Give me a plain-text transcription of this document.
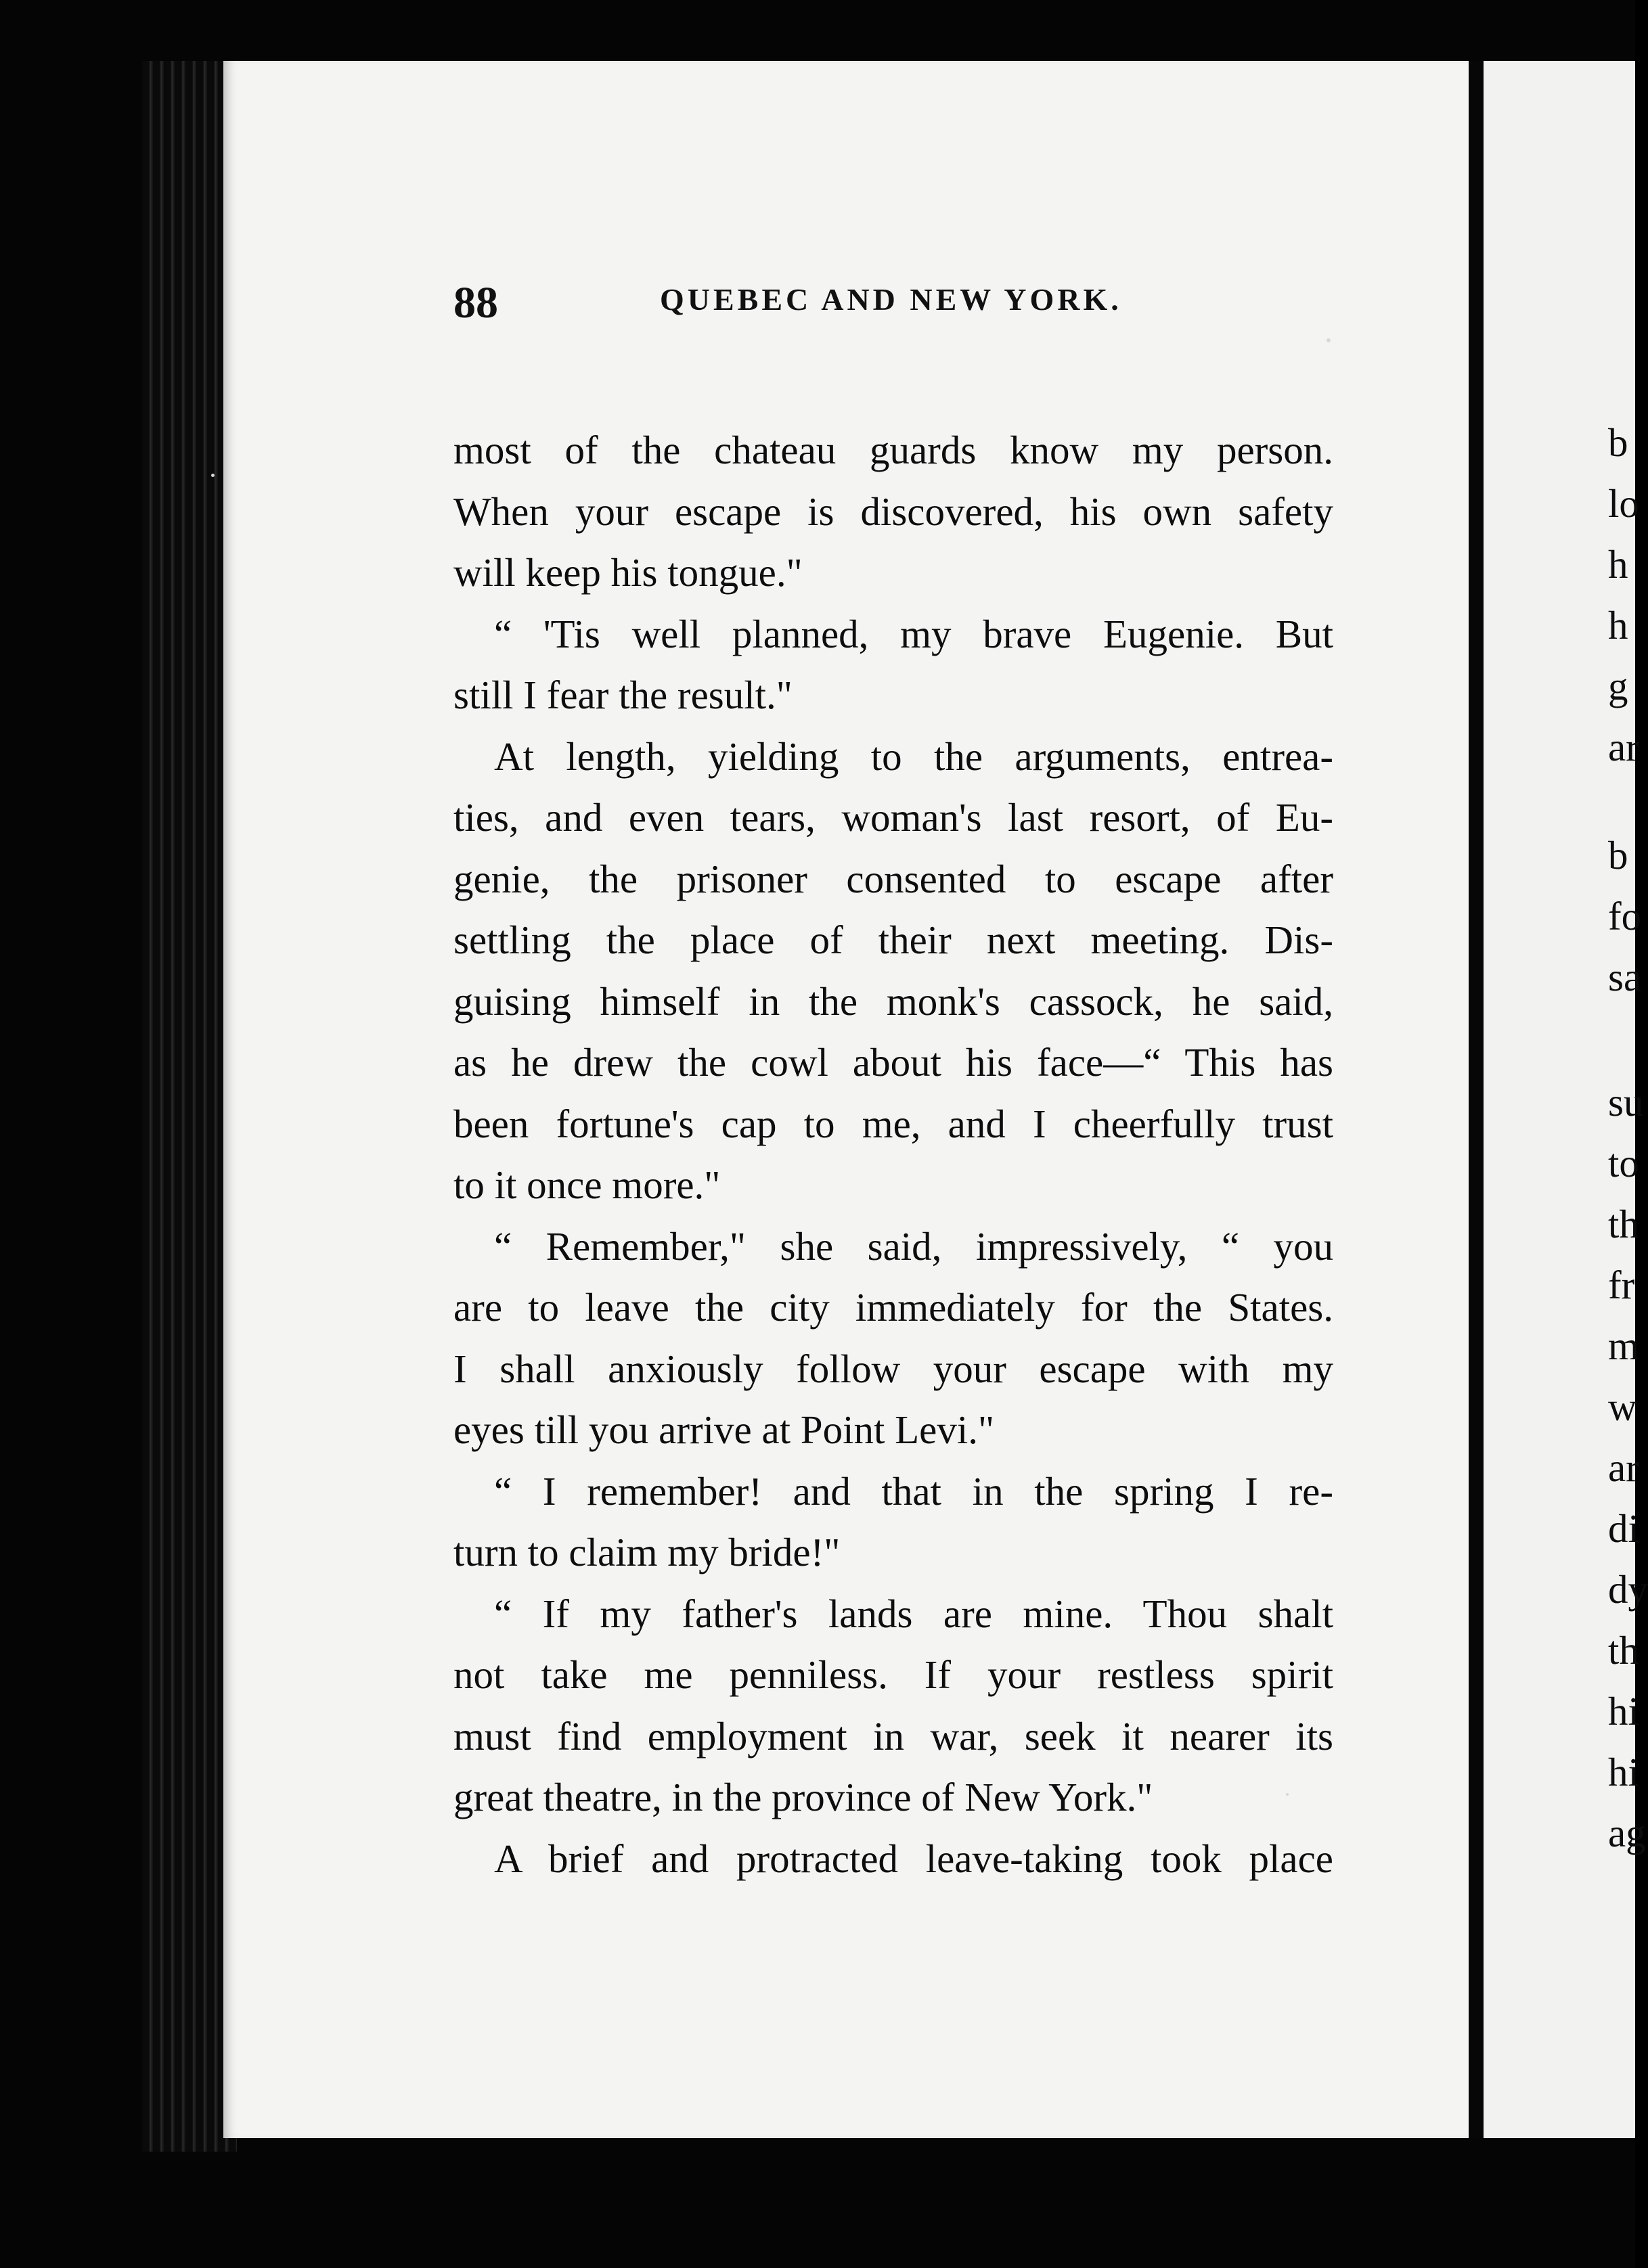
88	QUEBEC AND NEW YORK.
most of the chateau guards know my person.
When your escape is discovered, his own safety
will keep his tongue."
“ 'Tis well planned, my brave Eugenie. But
still I fear the result."
At length, yielding to the arguments, entrea-
ties, and even tears, woman's last resort, of Eu-
genie, the prisoner consented to escape after
settling the place of their next meeting. Dis-
guising himself in the monk's cassock, he said,
as he drew the cowl about his face—“ This has
been fortune's cap to me, and I cheerfully trust
to it once more."
“ Remember," she said, impressively, “ you
are to leave the city immediately for the States.
I shall anxiously follow your escape with my
eyes till you arrive at Point Levi."
“ I remember! and that in the spring I re-
turn to claim my bride!"
“ If my father's lands are mine. Thou shalt
not take me penniless. If your restless spirit
must find employment in war, seek it nearer its
great theatre, in the province of New York."
A brief and protracted leave-taking took place
b
lo
h
h
g
ar
b
fo
sa
su
to
th
fr
m
w
ar
di
dy
th
hi
hi
ag
